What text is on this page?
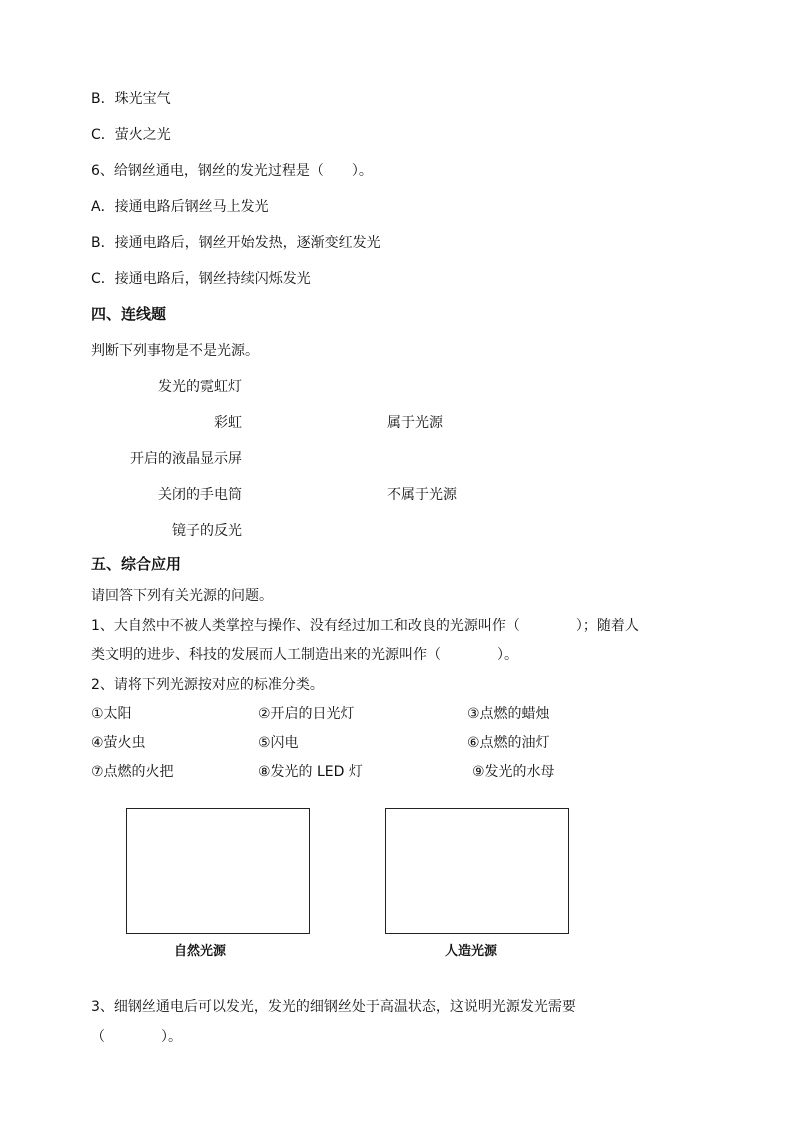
B．珠光宝气
C．萤火之光
6、给钢丝通电，钢丝的发光过程是（　　）。
A．接通电路后钢丝马上发光
B．接通电路后，钢丝开始发热，逐渐变红发光
C．接通电路后，钢丝持续闪烁发光
四、连线题
判断下列事物是不是光源。
发光的霓虹灯
彩虹
开启的液晶显示屏
关闭的手电筒
镜子的反光
属于光源
不属于光源
五、综合应用
请回答下列有关光源的问题。
1、大自然中不被人类掌控与操作、没有经过加工和改良的光源叫作（　　　　）；随着人
类文明的进步、科技的发展而人工制造出来的光源叫作（　　　　）。
2、请将下列光源按对应的标准分类。
①太阳	②开启的日光灯	③点燃的蜡烛
④萤火虫	⑤闪电	⑥点燃的油灯
⑦点燃的火把	⑧发光的 LED 灯	⑨发光的水母
自然光源	人造光源
3、细钢丝通电后可以发光，发光的细钢丝处于高温状态，这说明光源发光需要
（　　　　）。
